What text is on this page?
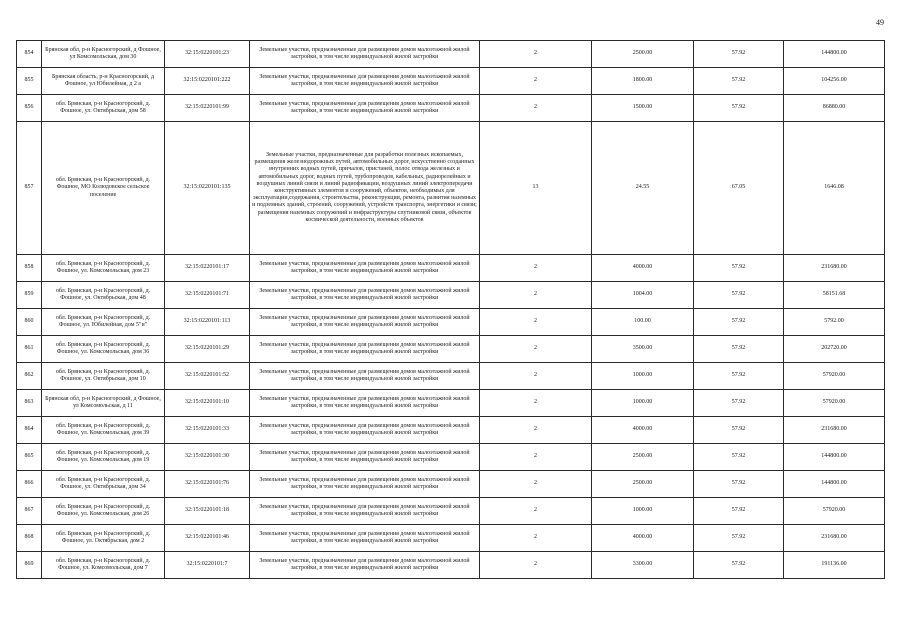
49
854	Брянская обл, р-н Красногорский, д Фошное, ул Комсомольская, дом 30	32:15:0220101:23	Земельные участки, предназначенные для размещения домов малоэтажной жилой застройки, в том числе индивидуальной жилой застройки	2	2500.00	57.92	144800.00
855	Брянская область, р-н Красногорский, д Фошное, ул Юбилейная, д 2 а	32:15:0220101:222	Земельные участки, предназначенные для размещения домов малоэтажной жилой застройки, в том числе индивидуальной жилой застройки	2	1800.00	57.92	104256.00
856	обл. Брянская, р-н Красногорский, д. Фошное, ул. Октябрьская, дом 58	32:15:0220101:99	Земельные участки, предназначенные для размещения домов малоэтажной жилой застройки, в том числе индивидуальной жилой застройки	2	1500.00	57.92	86880.00
857	обл. Брянская, р-н Красногорский, д. Фошное, МО Колюдовское сельское поселение	32:15:0220101:135	Земельные участки, предназначенные для разработки полезных ископаемых, размещения железнодорожных путей, автомобильных дорог, искусственно созданных внутренних водных путей, причалов, пристаней, полос отвода железных и автомобильных дорог, водных путей, трубопроводов, кабельных, радиорелейных и воздушных линий связи и линий радиофикации, воздушных линий электропередачи конструктивных элементов и сооружений, объектов, необходимых для эксплуатации,содержания, строительства, реконструкции, ремонта, развития наземных и подземных зданий, строений, сооружений, устройств транспорта, энергетики и связи; размещения наземных сооружений и инфраструктуры спутниковой связи, объектов космической деятельности, военных объектов	13	24.55	67.05	1646.08
858	обл. Брянская, р-н Красногорский, д. Фошное, ул. Комсомольская, дом 23	32:15:0220101:17	Земельные участки, предназначенные для размещения домов малоэтажной жилой застройки, в том числе индивидуальной жилой застройки	2	4000.00	57.92	231680.00
859	обл. Брянская, р-н Красногорский, д. Фошное, ул. Октябрьская, дом 48	32:15:0220101:71	Земельные участки, предназначенные для размещения домов малоэтажной жилой застройки, в том числе индивидуальной жилой застройки	2	1004.00	57.92	58151.68
860	обл. Брянская, р-н Красногорский, д. Фошное, ул. Юбилейная, дом 5"и"	32:15:0220101:113	Земельные участки, предназначенные для размещения домов малоэтажной жилой застройки, в том числе индивидуальной жилой застройки	2	100.00	57.92	5792.00
861	обл. Брянская, р-н Красногорский, д. Фошное, ул. Комсомольская, дом 36	32:15:0220101:29	Земельные участки, предназначенные для размещения домов малоэтажной жилой застройки, в том числе индивидуальной жилой застройки	2	3500.00	57.92	202720.00
862	обл. Брянская, р-н Красногорский, д. Фошное, ул. Октябрьская, дом 10	32:15:0220101:52	Земельные участки, предназначенные для размещения домов малоэтажной жилой застройки, в том числе индивидуальной жилой застройки	2	1000.00	57.92	57920.00
863	Брянская обл, р-н Красногорский, д Фошное, ул Комсомольская, д 11	32:15:0220101:10	Земельные участки, предназначенные для размещения домов малоэтажной жилой застройки, в том числе индивидуальной жилой застройки	2	1000.00	57.92	57920.00
864	обл. Брянская, р-н Красногорский, д. Фошное, ул. Комсомольская, дом 39	32:15:0220101:33	Земельные участки, предназначенные для размещения домов малоэтажной жилой застройки, в том числе индивидуальной жилой застройки	2	4000.00	57.92	231680.00
865	обл. Брянская, р-н Красногорский, д. Фошное, ул. Комсомольская, дом 19	32:15:0220101:30	Земельные участки, предназначенные для размещения домов малоэтажной жилой застройки, в том числе индивидуальной жилой застройки	2	2500.00	57.92	144800.00
866	обл. Брянская, р-н Красногорский, д. Фошное, ул. Октябрьская, дом 34	32:15:0220101:76	Земельные участки, предназначенные для размещения домов малоэтажной жилой застройки, в том числе индивидуальной жилой застройки	2	2500.00	57.92	144800.00
867	обл. Брянская, р-н Красногорский, д. Фошное, ул. Комсомольская, дом 26	32:15:0220101:18	Земельные участки, предназначенные для размещения домов малоэтажной жилой застройки, в том числе индивидуальной жилой застройки	2	1000.00	57.92	57920.00
868	обл. Брянская, р-н Красногорский, д. Фошное, ул. Октябрьская, дом 2	32:15:0220101:46	Земельные участки, предназначенные для размещения домов малоэтажной жилой застройки, в том числе индивидуальной жилой застройки	2	4000.00	57.92	231680.00
869	обл. Брянская, р-н Красногорский, д. Фошное, ул. Комсомольская, дом 7	32:15:0220101:7	Земельные участки, предназначенные для размещения домов малоэтажной жилой застройки, в том числе индивидуальной жилой застройки	2	3300.00	57.92	191136.00
